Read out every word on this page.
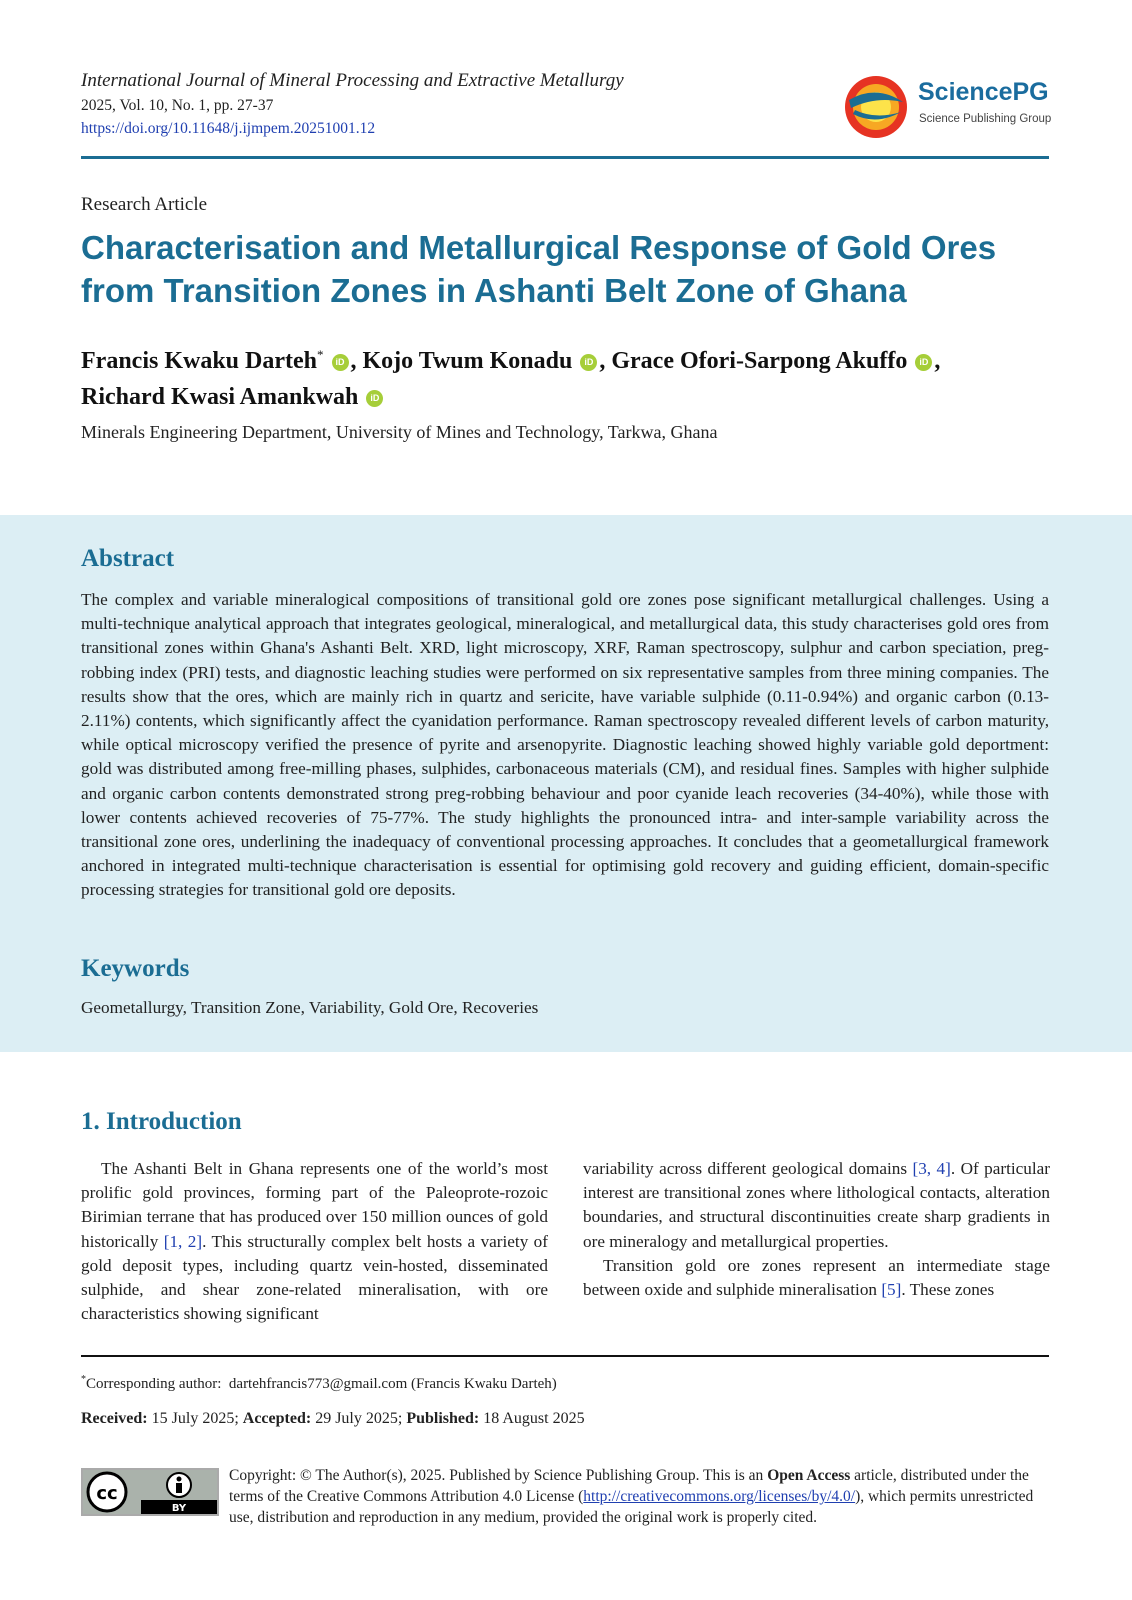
International Journal of Mineral Processing and Extractive Metallurgy
2025, Vol. 10, No. 1, pp. 27-37
https://doi.org/10.11648/j.ijmpem.20251001.12
SciencePG
Science Publishing Group
Research Article
Characterisation and Metallurgical Response of Gold Ores
from Transition Zones in Ashanti Belt Zone of Ghana
Francis Kwaku Darteh* iD , Kojo Twum Konadu iD , Grace Ofori-Sarpong Akuffo iD ,
Richard Kwasi Amankwah iD
Minerals Engineering Department, University of Mines and Technology, Tarkwa, Ghana
Abstract
The complex and variable mineralogical compositions of transitional gold ore zones pose significant metallurgical challenges. Using a multi-technique analytical approach that integrates geological, mineralogical, and metallurgical data, this study characterises gold ores from transitional zones within Ghana's Ashanti Belt. XRD, light microscopy, XRF, Raman spectroscopy, sulphur and carbon speciation, preg-robbing index (PRI) tests, and diagnostic leaching studies were performed on six representative samples from three mining companies. The results show that the ores, which are mainly rich in quartz and sericite, have variable sulphide (0.11-0.94%) and organic carbon (0.13-2.11%) contents, which significantly affect the cyanidation performance. Raman spectroscopy revealed different levels of carbon maturity, while optical microscopy verified the presence of pyrite and arsenopyrite. Diagnostic leaching showed highly variable gold deportment: gold was distributed among free-milling phases, sulphides, carbonaceous materials (CM), and residual fines. Samples with higher sulphide and organic carbon contents demonstrated strong preg-robbing behaviour and poor cyanide leach recoveries (34-40%), while those with lower contents achieved recoveries of 75-77%. The study highlights the pronounced intra- and inter-sample variability across the transitional zone ores, underlining the inadequacy of conventional processing approaches. It concludes that a geometallurgical framework anchored in integrated multi-technique characterisation is essential for optimising gold recovery and guiding efficient, domain-specific processing strategies for transitional gold ore deposits.
Keywords
Geometallurgy, Transition Zone, Variability, Gold Ore, Recoveries
1. Introduction
The Ashanti Belt in Ghana represents one of the world’s most prolific gold provinces, forming part of the Paleoprote-rozoic Birimian terrane that has produced over 150 million ounces of gold historically [1, 2]. This structurally complex belt hosts a variety of gold deposit types, including quartz vein-hosted, disseminated sulphide, and shear zone-related mineralisation, with ore characteristics showing significant
variability across different geological domains [3, 4]. Of particular interest are transitional zones where lithological contacts, alteration boundaries, and structural discontinuities create sharp gradients in ore mineralogy and metallurgical properties.
Transition gold ore zones represent an intermediate stage between oxide and sulphide mineralisation [5]. These zones
*Corresponding author: dartehfrancis773@gmail.com (Francis Kwaku Darteh)
Received: 15 July 2025; Accepted: 29 July 2025; Published: 18 August 2025
cc
BY
Copyright: © The Author(s), 2025. Published by Science Publishing Group. This is an Open Access article, distributed under the terms of the Creative Commons Attribution 4.0 License (http://creativecommons.org/licenses/by/4.0/), which permits unrestricted use, distribution and reproduction in any medium, provided the original work is properly cited.
